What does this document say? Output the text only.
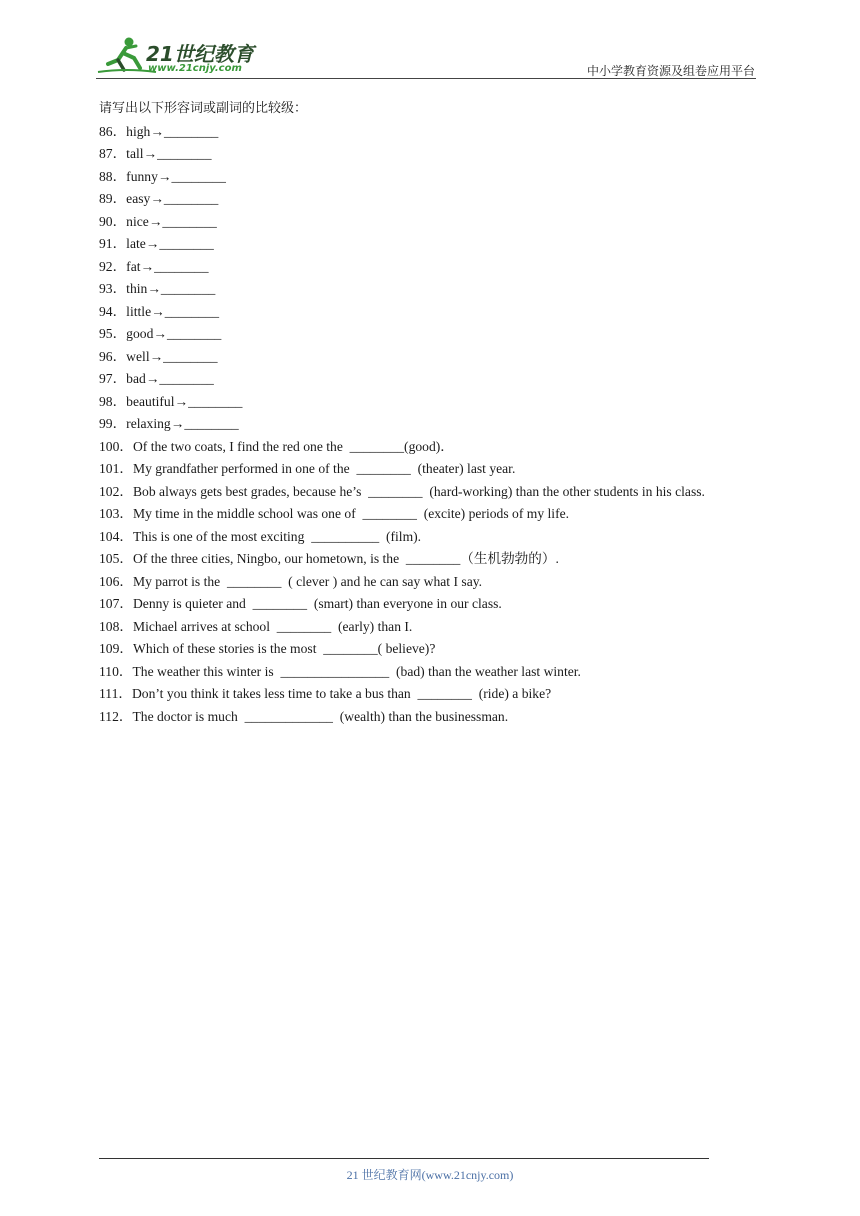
21世纪教育
www.21cnjy.com	中小学教育资源及组卷应用平台
请写出以下形容词或副词的比较级：
86．high→________
87．tall→________
88．funny→________
89．easy→________
90．nice→________
91．late→________
92．fat→________
93．thin→________
94．little→________
95．good→________
96．well→________
97．bad→________
98．beautiful→________
99．relaxing→________
100．Of the two coats, I find the red one the  ________(good)．
101．My grandfather performed in one of the  ________  (theater) last year.
102．Bob always gets best grades, because he’s  ________  (hard-working) than the other students in his class.
103．My time in the middle school was one of  ________  (excite) periods of my life.
104．This is one of the most exciting  __________  (film).
105．Of the three cities, Ningbo, our hometown, is the  ________（生机勃勃的）.
106．My parrot is the  ________  ( clever ) and he can say what I say.
107．Denny is quieter and  ________  (smart) than everyone in our class.
108．Michael arrives at school  ________  (early) than I.
109．Which of these stories is the most  ________( believe)?
110．The weather this winter is  ________________  (bad) than the weather last winter.
111．Don’t you think it takes less time to take a bus than  ________  (ride) a bike?
112．The doctor is much  _____________  (wealth) than the businessman.
21 世纪教育网(www.21cnjy.com)
